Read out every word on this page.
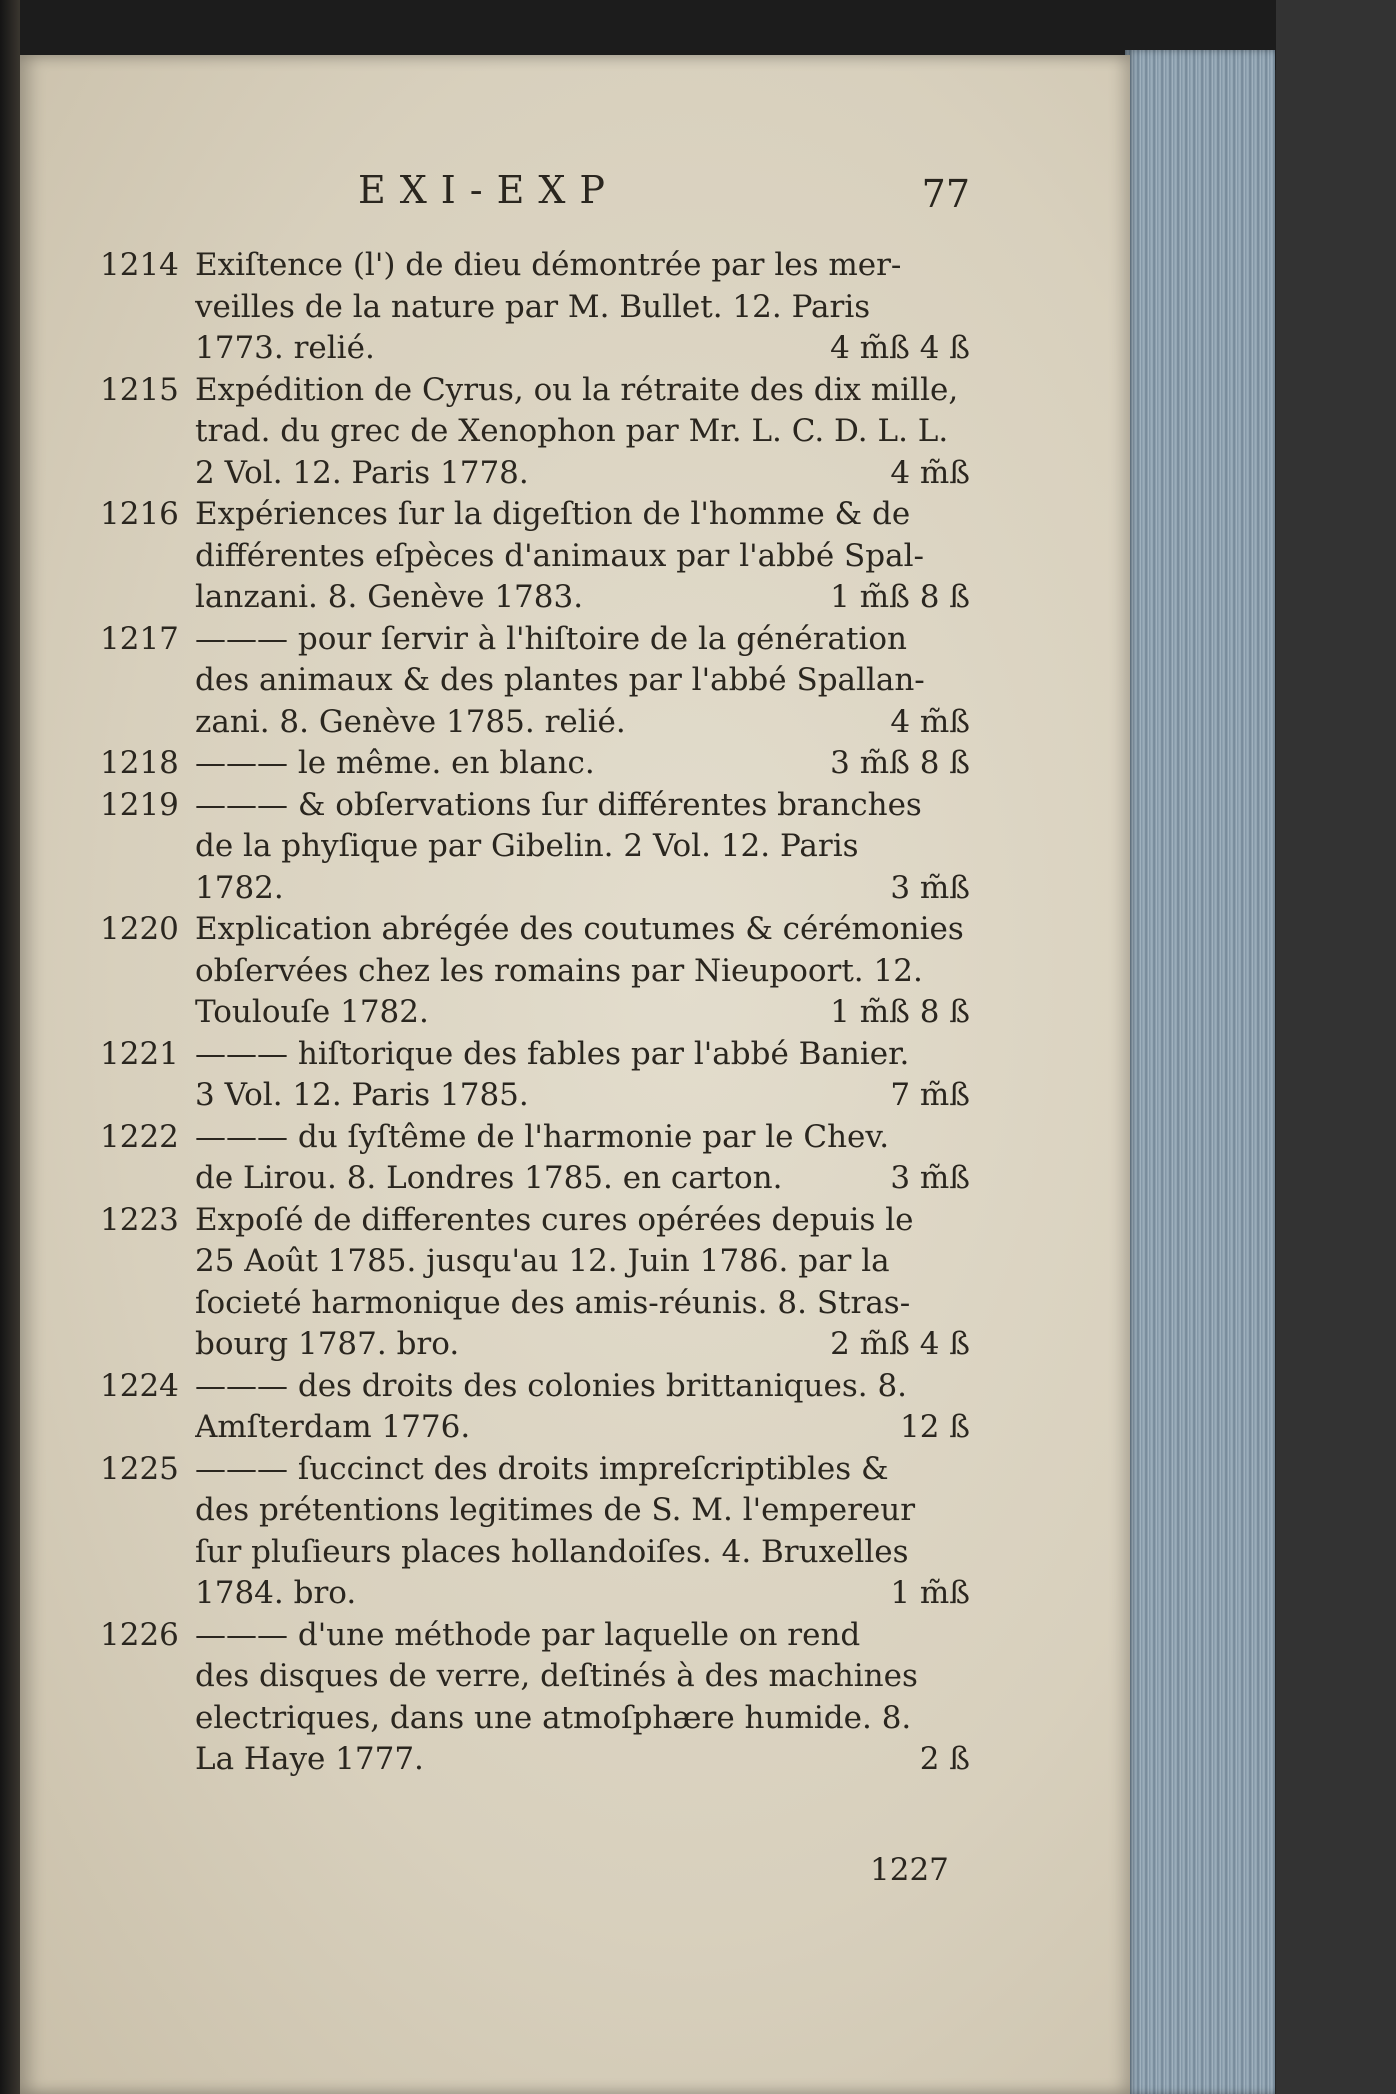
EXI-EXP	77
1214 Exiſtence (l') de dieu démontrée par les mer-
veilles de la nature par M. Bullet. 12. Paris
1773. relié.	4 m̃ß 4 ß
1215 Expédition de Cyrus, ou la rétraite des dix mille,
trad. du grec de Xenophon par Mr. L. C. D. L. L.
2 Vol. 12. Paris 1778.	4 m̃ß
1216 Expériences ſur la digeſtion de l'homme & de
différentes eſpèces d'animaux par l'abbé Spal-
lanzani. 8. Genève 1783.	1 m̃ß 8 ß
1217 ——— pour ſervir à l'hiſtoire de la génération
des animaux & des plantes par l'abbé Spallan-
zani. 8. Genève 1785. relié.	4 m̃ß
1218 ——— le même. en blanc.	3 m̃ß 8 ß
1219 ——— & obſervations ſur différentes branches
de la phyſique par Gibelin. 2 Vol. 12. Paris
1782.	3 m̃ß
1220 Explication abrégée des coutumes & cérémonies
obſervées chez les romains par Nieupoort. 12.
Toulouſe 1782.	1 m̃ß 8 ß
1221 ——— hiſtorique des fables par l'abbé Banier.
3 Vol. 12. Paris 1785.	7 m̃ß
1222 ——— du ſyſtême de l'harmonie par le Chev.
de Lirou. 8. Londres 1785. en carton.	3 m̃ß
1223 Expoſé de differentes cures opérées depuis le
25 Août 1785. jusqu'au 12. Juin 1786. par la
ſocieté harmonique des amis-réunis. 8. Stras-
bourg 1787. bro.	2 m̃ß 4 ß
1224 ——— des droits des colonies brittaniques. 8.
Amſterdam 1776.	12 ß
1225 ——— ſuccinct des droits impreſcriptibles &
des prétentions legitimes de S. M. l'empereur
ſur pluſieurs places hollandoiſes. 4. Bruxelles
1784. bro.	1 m̃ß
1226 ——— d'une méthode par laquelle on rend
des disques de verre, deſtinés à des machines
electriques, dans une atmoſphære humide. 8.
La Haye 1777.	2 ß
1227
